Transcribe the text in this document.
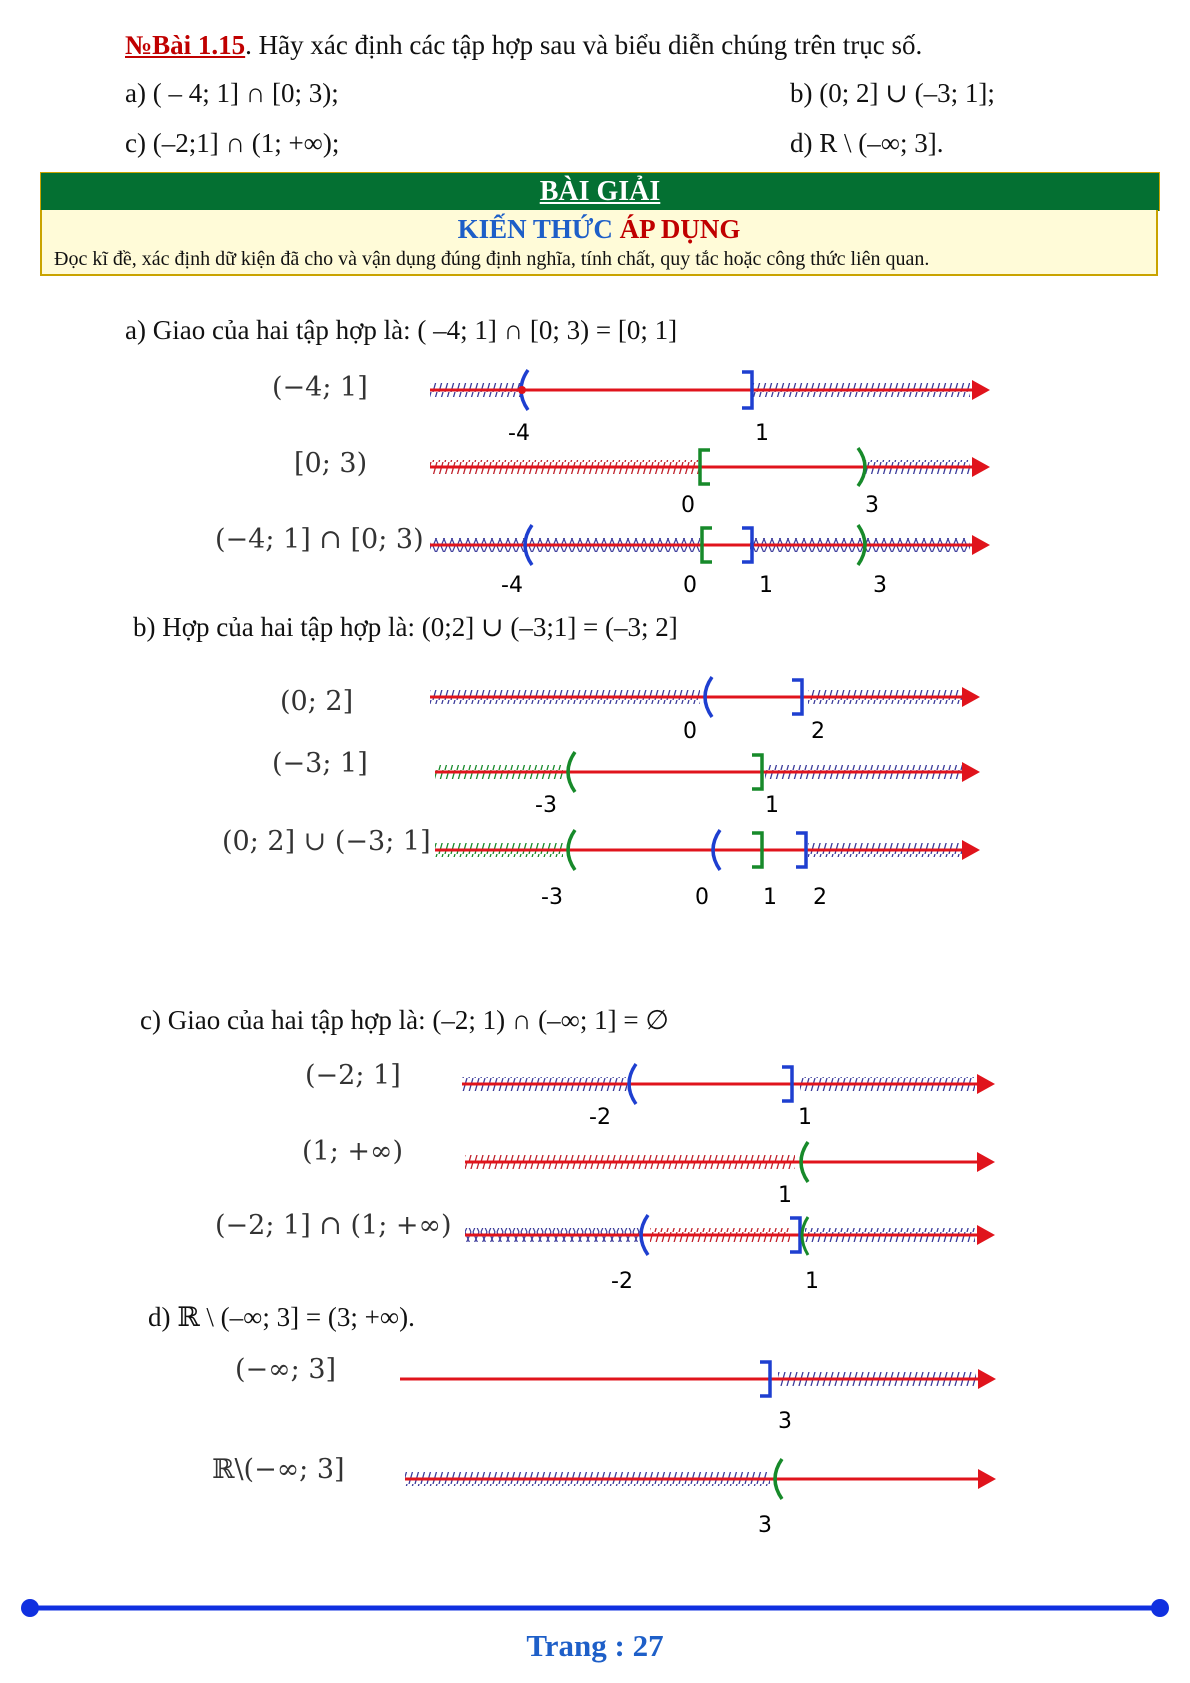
№Bài 1.15. Hãy xác định các tập hợp sau và biểu diễn chúng trên trục số.
a) ( – 4; 1] ∩ [0; 3);	b) (0; 2] ∪ (–3; 1];
c) (–2;1] ∩ (1; +∞);	d) R \ (–∞; 3].
BÀI GIẢI
KIẾN THỨC ÁP DỤNG
Đọc kĩ đề, xác định dữ kiện đã cho và vận dụng đúng định nghĩa, tính chất, quy tắc hoặc công thức liên quan.
a) Giao của hai tập hợp là: ( –4; 1] ∩ [0; 3) = [0; 1]
b) Hợp của hai tập hợp là: (0;2] ∪ (–3;1] = (–3; 2]
c) Giao của hai tập hợp là: (–2; 1) ∩ (–∞; 1] = ∅
d) ℝ \ (–∞; 3] = (3; +∞).
(−4; 1]
[0; 3)
(−4; 1] ∩ [0; 3)
(0; 2]
(−3; 1]
(0; 2] ∪ (−3; 1]
(−2; 1]
(1; +∞)
(−2; 1] ∩ (1; +∞)
(−∞; 3]
ℝ\(−∞; 3]
-4	1
0	3
-4	0	1	3
0	2
-3	1
-3	0 1 2
-2	1
1
-2	1
3
3
Trang : 27
